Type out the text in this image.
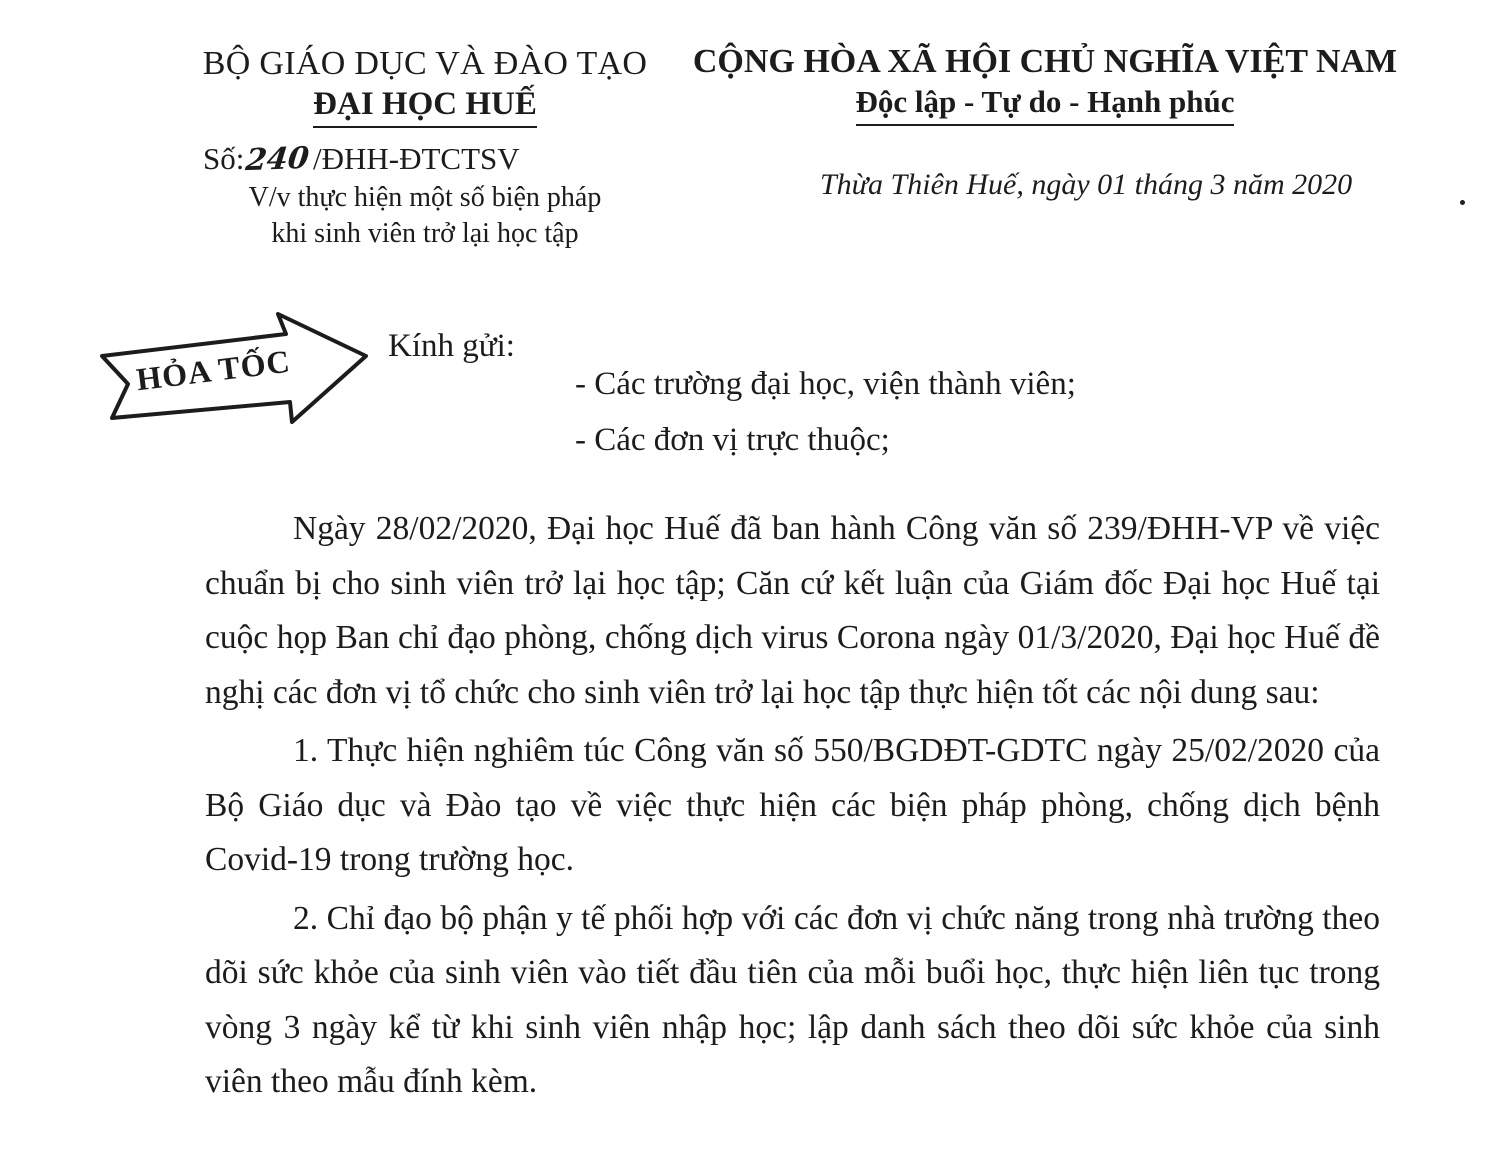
BỘ GIÁO DỤC VÀ ĐÀO TẠO
ĐẠI HỌC HUẾ
Số:240/ĐHH-ĐTCTSV
V/v thực hiện một số biện pháp
khi sinh viên trở lại học tập
CỘNG HÒA XÃ HỘI CHỦ NGHĨA VIỆT NAM
Độc lập - Tự do - Hạnh phúc
Thừa Thiên Huế, ngày 01 tháng 3 năm 2020
HỎA TỐC	Kính gửi:
- Các trường đại học, viện thành viên;
- Các đơn vị trực thuộc;

Ngày 28/02/2020, Đại học Huế đã ban hành Công văn số 239/ĐHH-VP về việc chuẩn bị cho sinh viên trở lại học tập; Căn cứ kết luận của Giám đốc Đại học Huế tại cuộc họp Ban chỉ đạo phòng, chống dịch virus Corona ngày 01/3/2020, Đại học Huế đề nghị các đơn vị tổ chức cho sinh viên trở lại học tập thực hiện tốt các nội dung sau:

1. Thực hiện nghiêm túc Công văn số 550/BGDĐT-GDTC ngày 25/02/2020 của Bộ Giáo dục và Đào tạo về việc thực hiện các biện pháp phòng, chống dịch bệnh Covid-19 trong trường học.

2. Chỉ đạo bộ phận y tế phối hợp với các đơn vị chức năng trong nhà trường theo dõi sức khỏe của sinh viên vào tiết đầu tiên của mỗi buổi học, thực hiện liên tục trong vòng 3 ngày kể từ khi sinh viên nhập học; lập danh sách theo dõi sức khỏe của sinh viên theo mẫu đính kèm.
